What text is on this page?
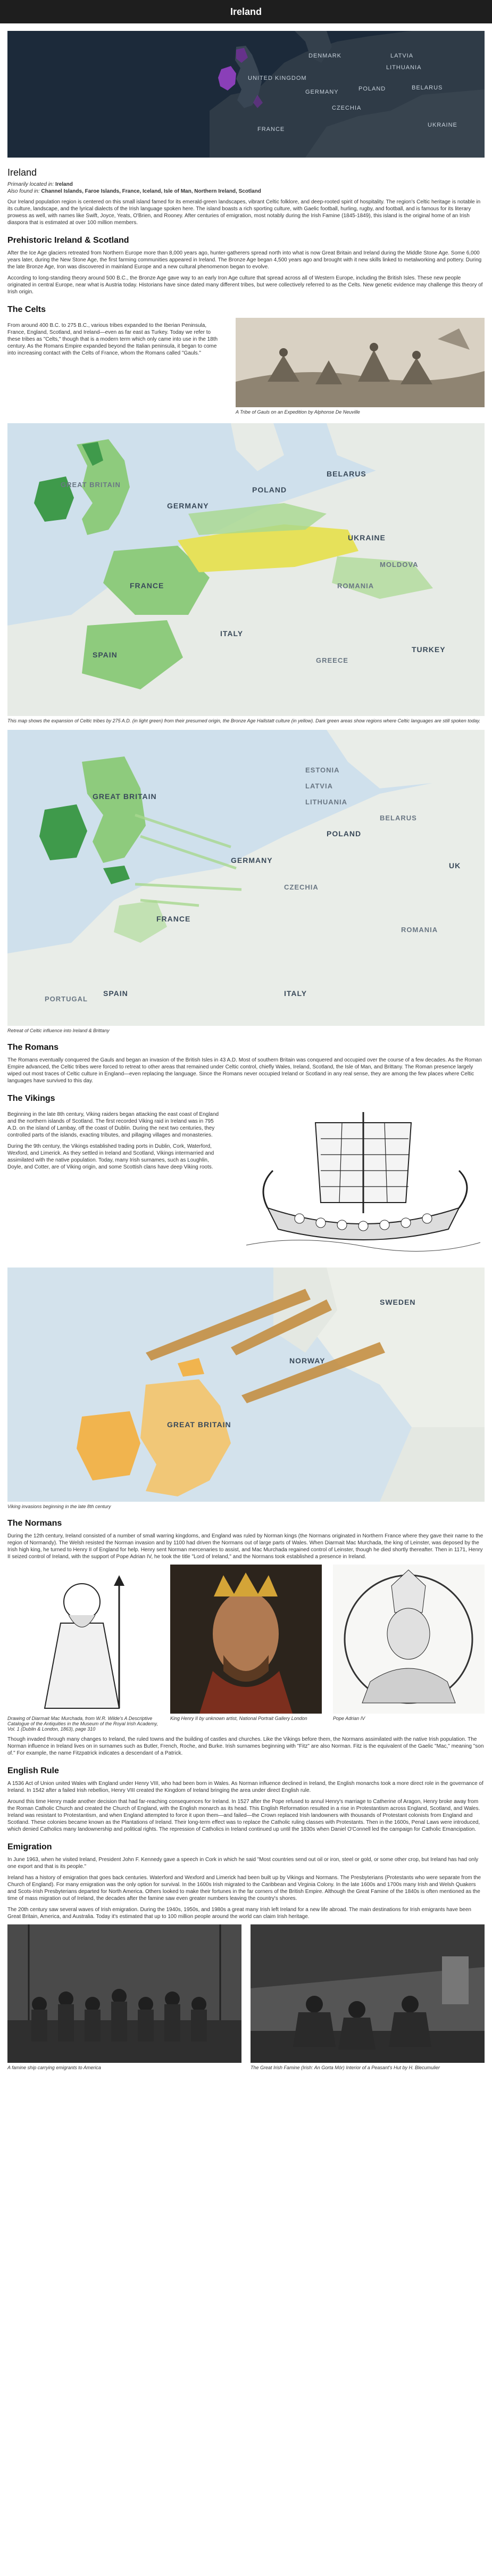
Ireland
DENMARK	LATVIA
LITHUANIA
BELARUS
GERMANY	POLAND
CZECHIA
FRANCE
UNITED KINGDOM
UKRAINE
Ireland
Primarily located in: Ireland
Also found in: Channel Islands, Faroe Islands, France, Iceland, Isle of Man, Northern Ireland, Scotland

Our Ireland population region is centered on this small island famed for its emerald-green landscapes, vibrant Celtic folklore, and deep-rooted spirit of hospitality. The region's Celtic heritage is notable in its culture, landscape, and the lyrical dialects of the Irish language spoken here. The island boasts a rich sporting culture, with Gaelic football, hurling, rugby, and football, and is famous for its literary prowess as well, with names like Swift, Joyce, Yeats, O'Brien, and Rooney. After centuries of emigration, most notably during the Irish Famine (1845-1849), this island is the original home of an Irish diaspora that is estimated at over 100 million members.

Prehistoric Ireland & Scotland

After the Ice Age glaciers retreated from Northern Europe more than 8,000 years ago, hunter-gatherers spread north into what is now Great Britain and Ireland during the Middle Stone Age. Some 6,000 years later, during the New Stone Age, the first farming communities appeared in Ireland. The Bronze Age began 4,500 years ago and brought with it new skills linked to metalworking and pottery. During the late Bronze Age, Iron was discovered in mainland Europe and a new cultural phenomenon began to evolve.

According to long-standing theory around 500 B.C., the Bronze Age gave way to an early Iron Age culture that spread across all of Western Europe, including the British Isles. These new people originated in central Europe, near what is Austria today. Historians have since dated many different tribes, but were collectively referred to as the Celts. New genetic evidence may challenge this theory of Irish origin.

The Celts

From around 400 B.C. to 275 B.C., various tribes expanded to the Iberian Peninsula, France, England, Scotland, and Ireland—even as far east as Turkey. Today we refer to these tribes as "Celts," though that is a modern term which only came into use in the 18th century. As the Romans Empire expanded beyond the Italian peninsula, it began to come into increasing contact with the Celts of France, whom the Romans called "Gauls."

A Tribe of Gauls on an Expedition by Alphonse De Neuville

GREAT BRITAIN
GERMANY
POLAND
BELARUS
UKRAINE
FRANCE
MOLDOVA
ROMANIA
SPAIN
ITALY
GREECE
TURKEY

This map shows the expansion of Celtic tribes by 275 A.D. (in light green) from their presumed origin, the Bronze Age Hallstatt culture (in yellow). Dark green areas show regions where Celtic languages are still spoken today.

ESTONIA
LATVIA
LITHUANIA
BELARUS
GREAT BRITAIN
POLAND
GERMANY
CZECHIA
UK
FRANCE
SPAIN	ITALY
PORTUGAL
ROMANIA

Retreat of Celtic influence into Ireland & Brittany

The Romans

The Romans eventually conquered the Gauls and began an invasion of the British Isles in 43 A.D. Most of southern Britain was conquered and occupied over the course of a few decades. As the Roman Empire advanced, the Celtic tribes were forced to retreat to other areas that remained under Celtic control, chiefly Wales, Ireland, Scotland, the Isle of Man, and Brittany. The Roman presence largely wiped out most traces of Celtic culture in England—even replacing the language. Since the Romans never occupied Ireland or Scotland in any real sense, they are among the few places where Celtic languages have survived to this day.

The Vikings

Beginning in the late 8th century, Viking raiders began attacking the east coast of England and the northern islands of Scotland. The first recorded Viking raid in Ireland was in 795 A.D. on the island of Lambay, off the coast of Dublin. During the next two centuries, they controlled parts of the islands, exacting tributes, and pillaging villages and monasteries.

During the 9th century, the Vikings established trading ports in Dublin, Cork, Waterford, Wexford, and Limerick. As they settled in Ireland and Scotland, Vikings intermarried and assimilated with the native population. Today, many Irish surnames, such as Loughlin, Doyle, and Cotter, are of Viking origin, and some Scottish clans have deep Viking roots.

SWEDEN
NORWAY
GREAT BRITAIN

Viking invasions beginning in the late 8th century

The Normans

During the 12th century, Ireland consisted of a number of small warring kingdoms, and England was ruled by Norman kings (the Normans originated in Northern France where they gave their name to the region of Normandy). The Welsh resisted the Norman invasion and by 1100 had driven the Normans out of large parts of Wales. When Diarmait Mac Murchada, the king of Leinster, was deposed by the Irish high king, he turned to Henry II of England for help. Henry sent Norman mercenaries to assist, and Mac Murchada regained control of Leinster, though he died shortly thereafter. Then in 1171, Henry II seized control of Ireland, with the support of Pope Adrian IV, he took the title "Lord of Ireland," and the Normans took established a presence in Ireland.

Drawing of Diarmait Mac Murchada, from W.R. Wilde's A Descriptive Catalogue of the Antiquities in the Museum of the Royal Irish Academy, Vol. 1 (Dublin & London, 1863), page 310

King Henry II by unknown artist, National Portrait Gallery London	Pope Adrian IV

Though invaded through many changes to Ireland, the ruled towns and the building of castles and churches. Like the Vikings before them, the Normans assimilated with the native Irish population. The Norman influence in Ireland lives on in surnames such as Butler, French, Roche, and Burke. Irish surnames beginning with "Fitz" are also Norman. Fitz is the equivalent of the Gaelic "Mac," meaning "son of." For example, the name Fitzpatrick indicates a descendant of a Patrick.

English Rule

A 1536 Act of Union united Wales with England under Henry VIII, who had been born in Wales. As Norman influence declined in Ireland, the English monarchs took a more direct role in the governance of Ireland. In 1542 after a failed Irish rebellion, Henry VIII created the Kingdom of Ireland bringing the area under direct English rule.

Around this time Henry made another decision that had far-reaching consequences for Ireland. In 1527 after the Pope refused to annul Henry's marriage to Catherine of Aragon, Henry broke away from the Roman Catholic Church and created the Church of England, with the English monarch as its head. This English Reformation resulted in a rise in Protestantism across England, Scotland, and Wales. Ireland was resistant to Protestantism, and when England attempted to force it upon them—and failed—the Crown replaced Irish landowners with thousands of Protestant colonists from England and Scotland. These colonies became known as the Plantations of Ireland. Their long-term effect was to replace the Catholic ruling classes with Protestants. Then in the 1600s, Penal Laws were introduced, which denied Catholics many landownership and political rights. The repression of Catholics in Ireland continued up until the 1830s when Daniel O'Connell led the campaign for Catholic Emancipation.

Emigration

In June 1963, when he visited Ireland, President John F. Kennedy gave a speech in Cork in which he said "Most countries send out oil or iron, steel or gold, or some other crop, but Ireland has had only one export and that is its people."

Ireland has a history of emigration that goes back centuries. Waterford and Wexford and Limerick had been built up by Vikings and Normans. The Presbyterians (Protestants who were separate from the Church of England). For many emigration was the only option for survival. In the 1600s Irish migrated to the Caribbean and Virginia Colony. In the late 1600s and 1700s many Irish and Welsh Quakers and Scots-Irish Presbyterians departed for North America. Others looked to make their fortunes in the far corners of the British Empire. Although the Great Famine of the 1840s is often mentioned as the time of mass migration out of Ireland, the decades after the famine saw even greater numbers leaving the country's shores.

The 20th century saw several waves of Irish emigration. During the 1940s, 1950s, and 1980s a great many Irish left Ireland for a new life abroad. The main destinations for Irish emigrants have been Great Britain, America, and Australia. Today it's estimated that up to 100 million people around the world can claim Irish heritage.

A famine ship carrying emigrants to America	The Great Irish Famine (Irish: An Gorta Mór) Interior of a Peasant's Hut by H. Blecumulier
